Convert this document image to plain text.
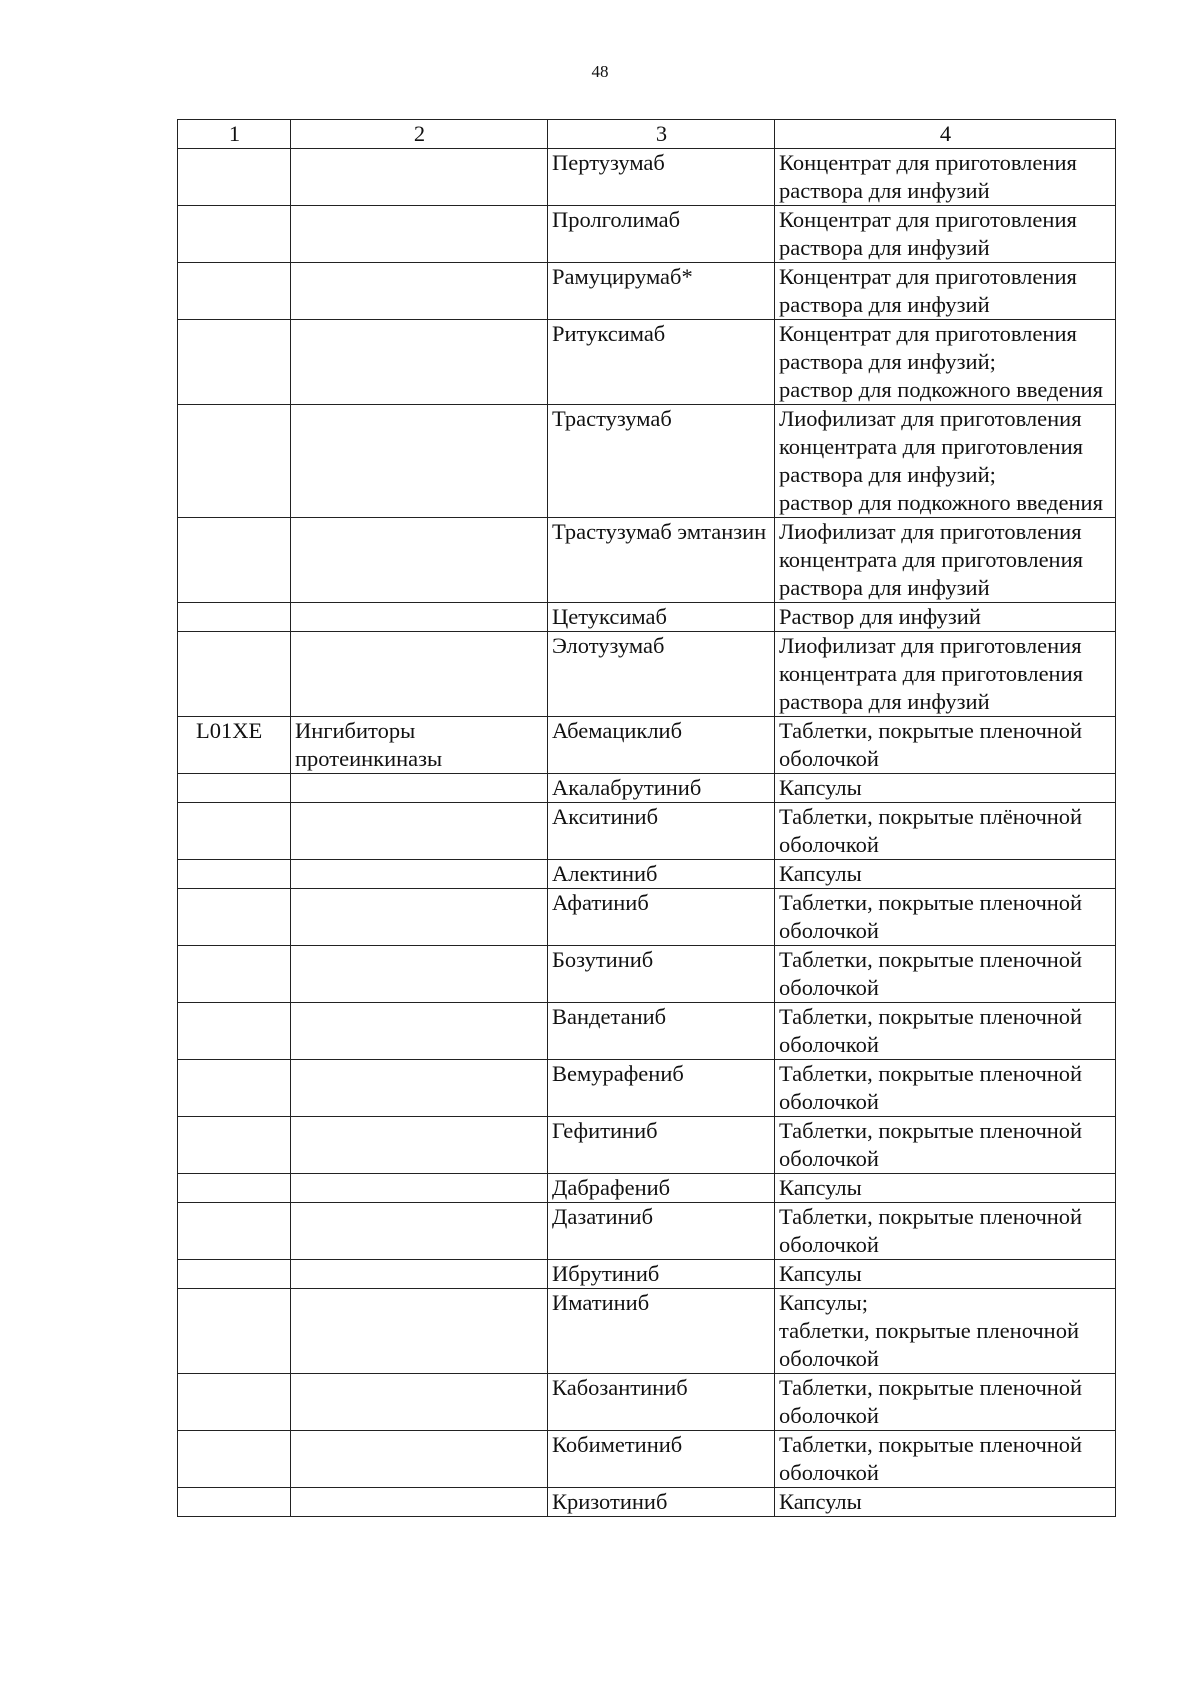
48
1	2	3	4
		Пертузумаб	Концентрат для приготовления раствора для инфузий
		Пролголимаб	Концентрат для приготовления раствора для инфузий
		Рамуцирумаб*	Концентрат для приготовления раствора для инфузий
		Ритуксимаб	Концентрат для приготовления раствора для инфузий;
раствор для подкожного введения
		Трастузумаб	Лиофилизат для приготовления концентрата для приготовления раствора для инфузий;
раствор для подкожного введения
		Трастузумаб эмтанзин	Лиофилизат для приготовления концентрата для приготовления раствора для инфузий
		Цетуксимаб	Раствор для инфузий
		Элотузумаб	Лиофилизат для приготовления концентрата для приготовления раствора для инфузий
L01XE	Ингибиторы протеинкиназы	Абемациклиб	Таблетки, покрытые пленочной оболочкой
		Акалабрутиниб	Капсулы
		Акситиниб	Таблетки, покрытые плёночной оболочкой
		Алектиниб	Капсулы
		Афатиниб	Таблетки, покрытые пленочной оболочкой
		Бозутиниб	Таблетки, покрытые пленочной оболочкой
		Вандетаниб	Таблетки, покрытые пленочной оболочкой
		Вемурафениб	Таблетки, покрытые пленочной оболочкой
		Гефитиниб	Таблетки, покрытые пленочной оболочкой
		Дабрафениб	Капсулы
		Дазатиниб	Таблетки, покрытые пленочной оболочкой
		Ибрутиниб	Капсулы
		Иматиниб	Капсулы;
таблетки, покрытые пленочной оболочкой
		Кабозантиниб	Таблетки, покрытые пленочной оболочкой
		Кобиметиниб	Таблетки, покрытые пленочной оболочкой
		Кризотиниб	Капсулы
